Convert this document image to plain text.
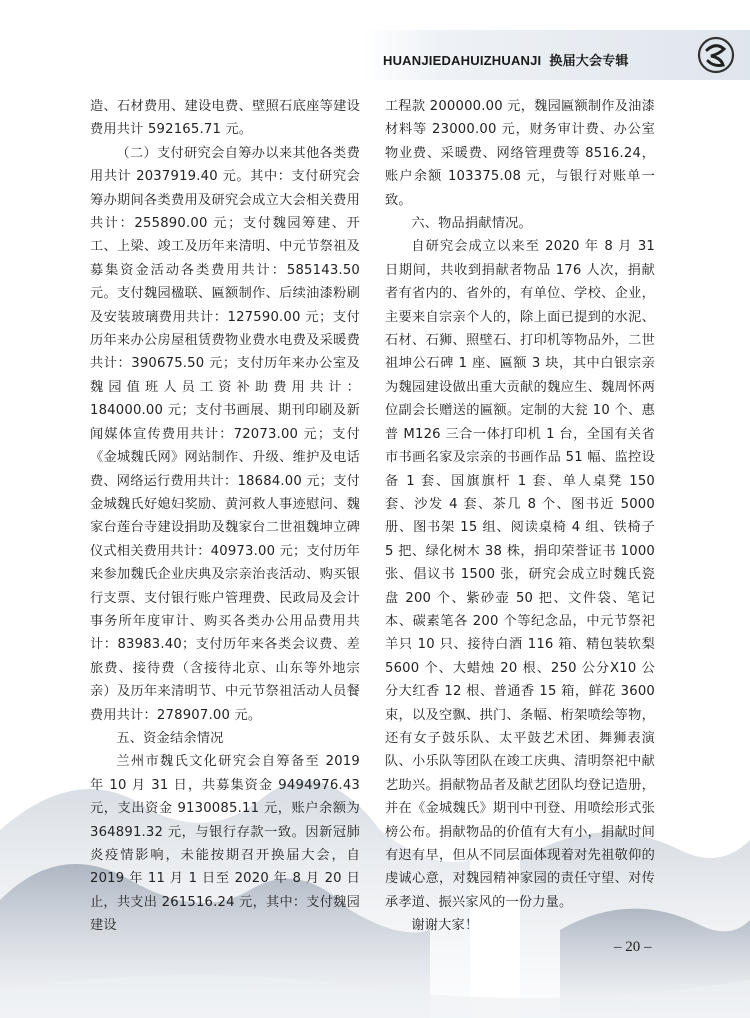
HUANJIEDAHUIZHUANJI 换届大会专辑

造、石材费用、建设电费、壁照石底座等建设费用共计 592165.71 元。

（二）支付研究会自筹办以来其他各类费用共计 2037919.40 元。其中：支付研究会筹办期间各类费用及研究会成立大会相关费用共计：255890.00 元；支付魏园筹建、开工、上梁、竣工及历年来清明、中元节祭祖及募集资金活动各类费用共计：585143.50 元。支付魏园楹联、匾额制作、后续油漆粉刷及安装玻璃费用共计：127590.00 元；支付历年来办公房屋租赁费物业费水电费及采暖费共计：390675.50 元；支付历年来办公室及魏园值班人员工资补助费用共计：184000.00 元；支付书画展、期刊印刷及新闻媒体宣传费用共计：72073.00 元；支付《金城魏氏网》网站制作、升级、维护及电话费、网络运行费用共计：18684.00 元；支付金城魏氏好媳妇奖励、黄河救人事迹慰问、魏家台莲台寺建设捐助及魏家台二世祖魏坤立碑仪式相关费用共计：40973.00 元；支付历年来参加魏氏企业庆典及宗亲治丧活动、购买银行支票、支付银行账户管理费、民政局及会计事务所年度审计、购买各类办公用品费用共计：83983.40；支付历年来各类会议费、差旅费、接待费（含接待北京、山东等外地宗亲）及历年来清明节、中元节祭祖活动人员餐费用共计：278907.00 元。

五、资金结余情况

兰州市魏氏文化研究会自筹备至 2019 年 10 月 31 日，共募集资金 9494976.43 元，支出资金 9130085.11 元，账户余额为 364891.32 元，与银行存款一致。因新冠肺炎疫情影响，未能按期召开换届大会，自 2019 年 11 月 1 日至 2020 年 8 月 20 日止，共支出 261516.24 元，其中：支付魏园建设

工程款 200000.00 元，魏园匾额制作及油漆材料等 23000.00 元，财务审计费、办公室物业费、采暖费、网络管理费等 8516.24，账户余额 103375.08 元，与银行对账单一致。

六、物品捐献情况。

自研究会成立以来至 2020 年 8 月 31 日期间，共收到捐献者物品 176 人次，捐献者有省内的、省外的，有单位、学校、企业，主要来自宗亲个人的，除上面已提到的水泥、石材、石狮、照壁石、打印机等物品外，二世祖坤公石碑 1 座、匾额 3 块，其中白银宗亲为魏园建设做出重大贡献的魏应生、魏周怀两位副会长赠送的匾额。定制的大瓮 10 个、惠普 M126 三合一体打印机 1 台，全国有关省市书画名家及宗亲的书画作品 51 幅、监控设备 1 套、国旗旗杆 1 套、单人桌凳 150 套、沙发 4 套、茶几 8 个、图书近 5000 册、图书架 15 组、阅读桌椅 4 组、铁椅子 5 把、绿化树木 38 株，捐印荣誉证书 1000 张、倡议书 1500 张，研究会成立时魏氏瓷盘 200 个、紫砂壶 50 把、文件袋、笔记本、碳素笔各 200 个等纪念品，中元节祭祀羊只 10 只、接待白酒 116 箱、精包装软梨 5600 个、大蜡烛 20 根、250 公分X10 公分大红香 12 根、普通香 15 箱，鲜花 3600 束，以及空飘、拱门、条幅、桁架喷绘等物，还有女子鼓乐队、太平鼓艺术团、舞狮表演队、小乐队等团队在竣工庆典、清明祭祀中献艺助兴。捐献物品者及献艺团队均登记造册，并在《金城魏氏》期刊中刊登、用喷绘形式张榜公布。捐献物品的价值有大有小，捐献时间有迟有早，但从不同层面体现着对先祖敬仰的虔诚心意，对魏园精神家园的责任守望、对传承孝道、振兴家风的一份力量。

谢谢大家！

– 20 –
